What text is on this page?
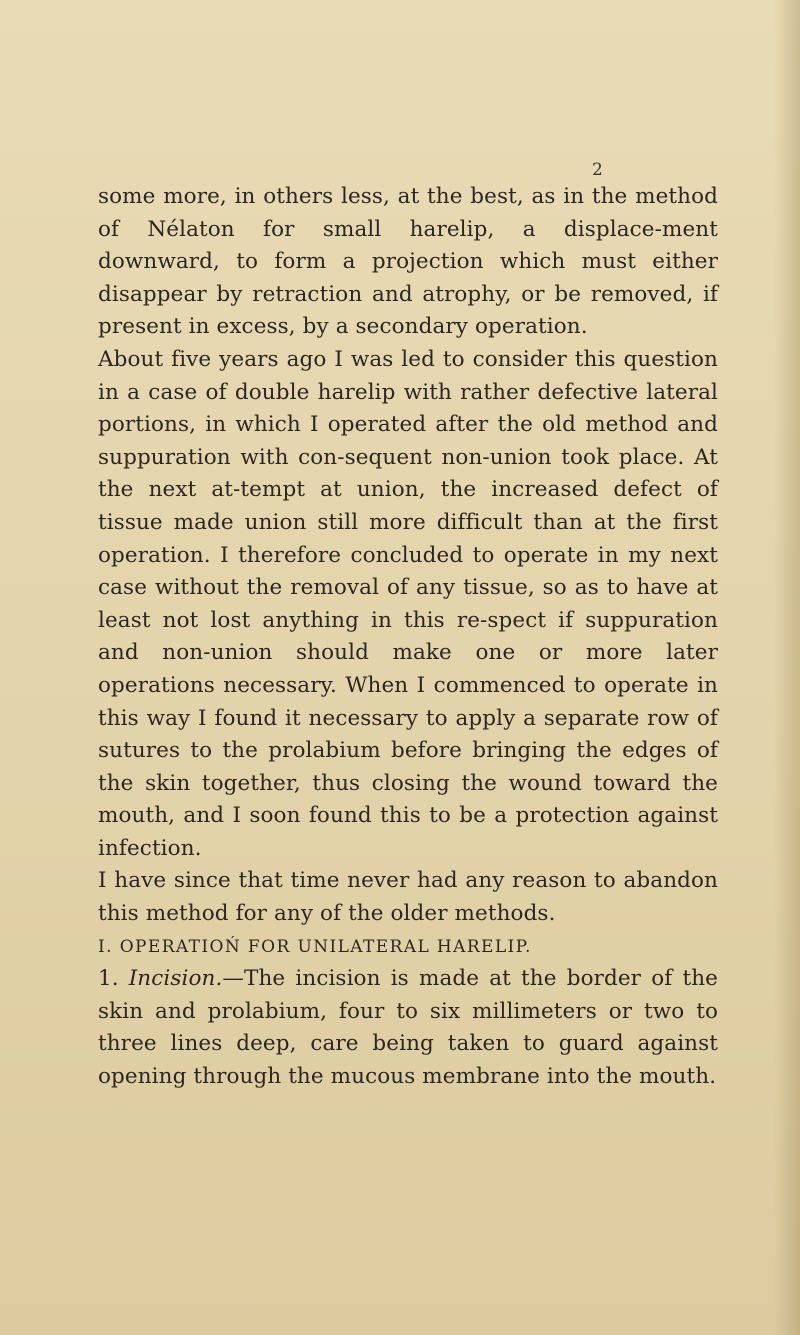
2

some more, in others less, at the best, as in the method of Nélaton for small harelip, a displace-ment downward, to form a projection which must either disappear by retraction and atrophy, or be removed, if present in excess, by a secondary operation.

About five years ago I was led to consider this question in a case of double harelip with rather defective lateral portions, in which I operated after the old method and suppuration with con-sequent non-union took place. At the next at-tempt at union, the increased defect of tissue made union still more difficult than at the first operation. I therefore concluded to operate in my next case without the removal of any tissue, so as to have at least not lost anything in this re-spect if suppuration and non-union should make one or more later operations necessary. When I commenced to operate in this way I found it necessary to apply a separate row of sutures to the prolabium before bringing the edges of the skin together, thus closing the wound toward the mouth, and I soon found this to be a protection against infection.

I have since that time never had any reason to abandon this method for any of the older methods.

I. OPERATIOŃ FOR UNILATERAL HARELIP.

1. Incision.—The incision is made at the border of the skin and prolabium, four to six millimeters or two to three lines deep, care being taken to guard against opening through the mucous membrane into the mouth.
